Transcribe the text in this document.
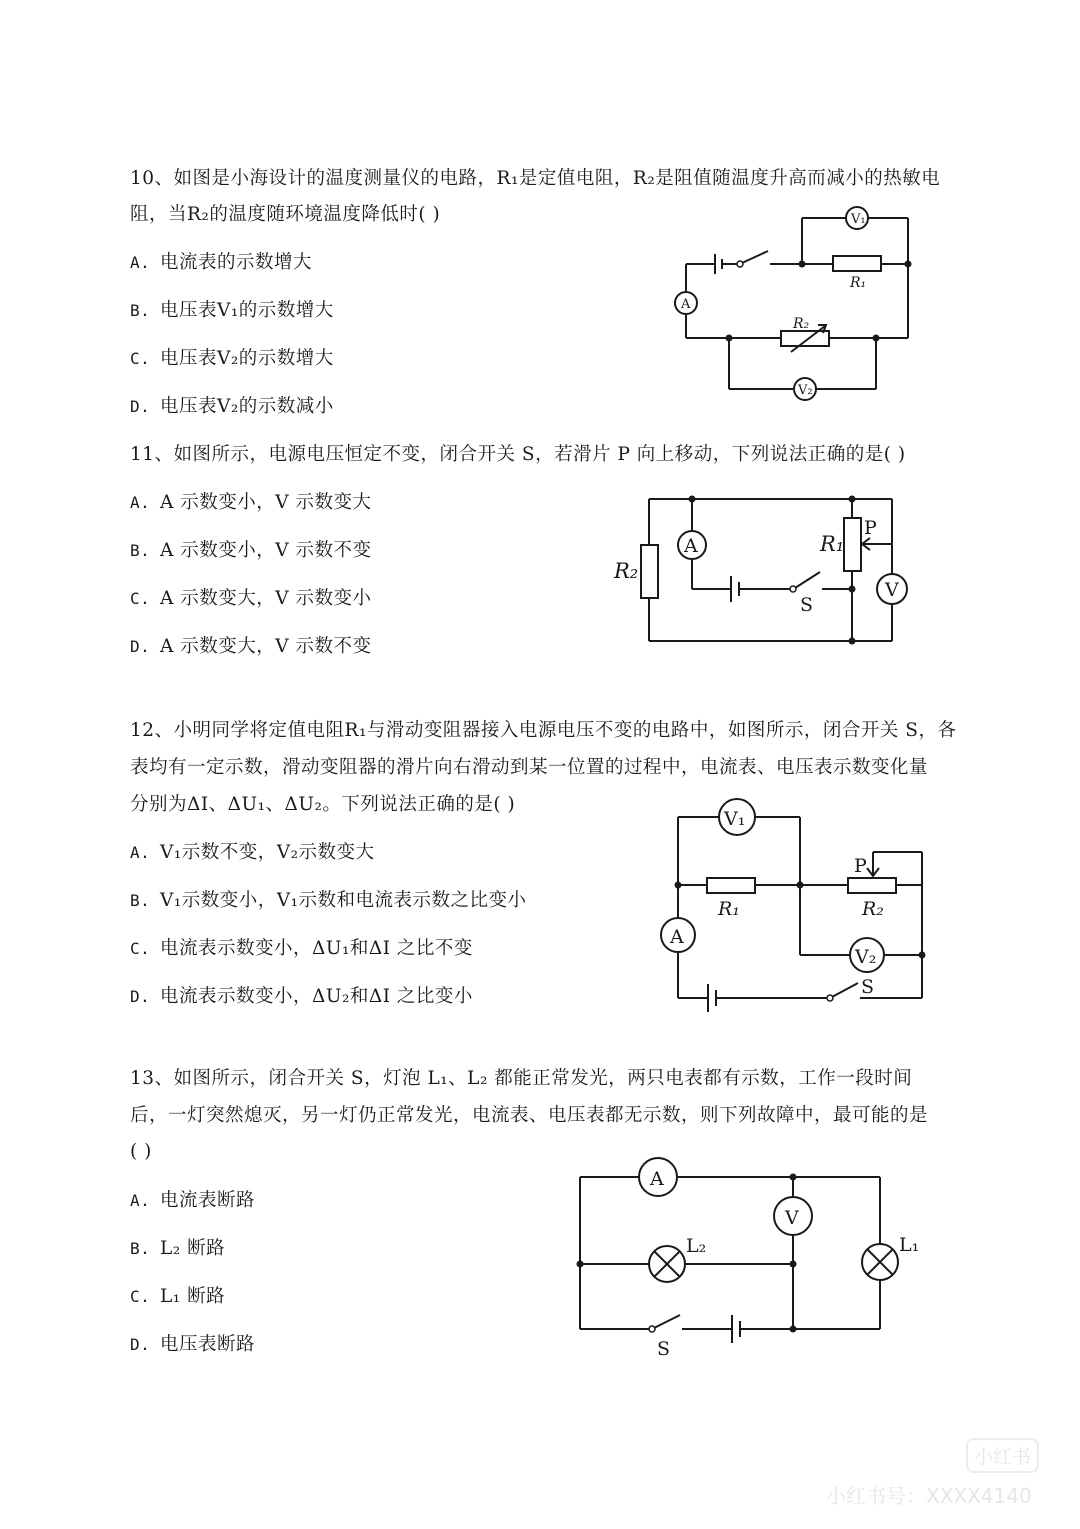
10、如图是小海设计的温度测量仪的电路，R₁是定值电阻，R₂是阻值随温度升高而减小的热敏电
阻，当R₂的温度随环境温度降低时( )
A. 电流表的示数增大
B. 电压表V₁的示数增大
C. 电压表V₂的示数增大
D. 电压表V₂的示数减小
V₁
R₁
A
R₂
V₂
11、如图所示，电源电压恒定不变，闭合开关 S，若滑片 P 向上移动，下列说法正确的是( )
A. A 示数变小，V 示数变大
B. A 示数变小，V 示数不变
C. A 示数变大，V 示数变小
D. A 示数变大，V 示数不变
R₂
A
S
R₁
P
V
12、小明同学将定值电阻R₁与滑动变阻器接入电源电压不变的电路中，如图所示，闭合开关 S，各
表均有一定示数，滑动变阻器的滑片向右滑动到某一位置的过程中，电流表、电压表示数变化量
分别为ΔI、ΔU₁、ΔU₂。下列说法正确的是( )
A. V₁示数不变，V₂示数变大
B. V₁示数变小，V₁示数和电流表示数之比变小
C. 电流表示数变小，ΔU₁和ΔI 之比不变
D. 电流表示数变小，ΔU₂和ΔI 之比变小
V₁
R₁	R₂
P
V₂
A
S
13、如图所示，闭合开关 S，灯泡 L₁、L₂ 都能正常发光，两只电表都有示数，工作一段时间
后，一灯突然熄灭，另一灯仍正常发光，电流表、电压表都无示数，则下列故障中，最可能的是
( )
A. 电流表断路
B. L₂ 断路
C. L₁ 断路
D. 电压表断路
A
L₂
V
L₁
S
小红书
小红书号：XXXX4140
